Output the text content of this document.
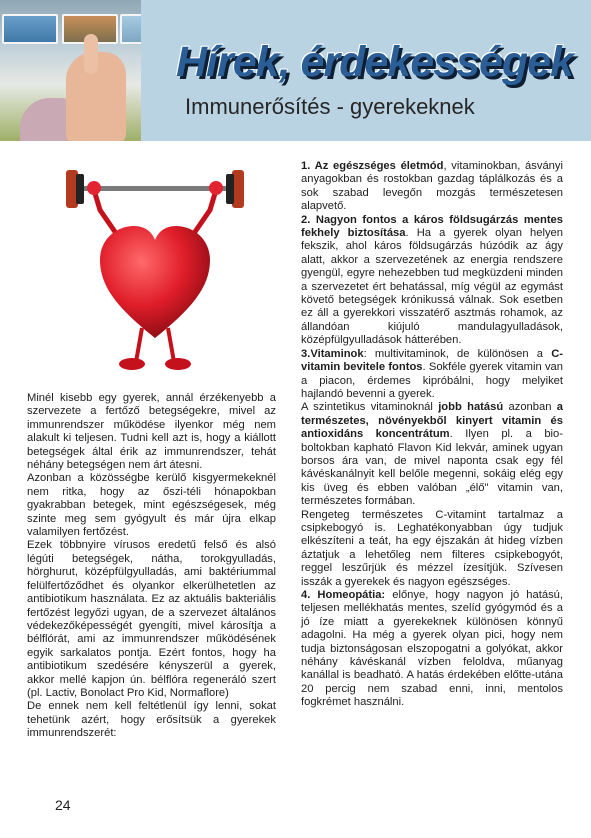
Hírek, érdekességek
Immunerősítés - gyerekeknek

Minél kisebb egy gyerek, annál érzékenyebb a szervezete a fertőző betegségekre, mivel az immunrendszer működése ilyenkor még nem alakult ki teljesen. Tudni kell azt is, hogy a kiállott betegségek által érik az immunrendszer, tehát néhány betegségen nem árt átesni.

Azonban a közösségbe kerülő kisgyermekeknél nem ritka, hogy az őszi-téli hónapokban gyakrabban betegek, mint egészségesek, még szinte meg sem gyógyult és már újra elkap valamilyen fertőzést.

Ezek többnyire vírusos eredetű felső és alsó légúti betegségek, nátha, torokgyulladás, hörghurut, középfülgyulladás, ami baktériummal felülfertőződhet és olyankor elkerülhetetlen az antibiotikum használata. Ez az aktuális bakteriális fertőzést legyőzi ugyan, de a szervezet általános védekezőképességét gyengíti, mivel károsítja a bélflórát, ami az immunrendszer működésének egyik sarkalatos pontja. Ezért fontos, hogy ha antibiotikum szedésére kényszerül a gyerek, akkor mellé kapjon ún. bélflóra regeneráló szert (pl. Lactiv, Bonolact Pro Kid, Normaflore)

De ennek nem kell feltétlenül így lenni, sokat tehetünk azért, hogy erősítsük a gyerekek immunrendszerét:

1. Az egészséges életmód, vitaminokban, ásványi anyagokban és rostokban gazdag táplálkozás és a sok szabad levegőn mozgás természetesen alapvető.

2. Nagyon fontos a káros földsugárzás mentes fekhely biztosítása. Ha a gyerek olyan helyen fekszik, ahol káros földsugárzás húzódik az ágy alatt, akkor a szervezetének az energia rendszere gyengül, egyre nehezebben tud megküzdeni minden a szervezetet ért behatással, míg végül az egymást követő betegségek krónikussá válnak. Sok esetben ez áll a gyerekkori visszatérő asztmás rohamok, az állandóan kiújuló mandulagyulladások, középfülgyulladások hátterében.

3.Vitaminok: multivitaminok, de különösen a C-vitamin bevitele fontos. Sokféle gyerek vitamin van a piacon, érdemes kipróbálni, hogy melyiket hajlandó bevenni a gyerek.

A szintetikus vitaminoknál jobb hatású azonban a természetes, növényekből kinyert vitamin és antioxidáns koncentrátum. Ilyen pl. a bio-boltokban kapható Flavon Kid lekvár, aminek ugyan borsos ára van, de mivel naponta csak egy fél kávéskanálnyit kell belőle megenni, sokáig elég egy kis üveg és ebben valóban „élő" vitamin van, természetes formában.

Rengeteg természetes C-vitamint tartalmaz a csipkebogyó is. Leghatékonyabban úgy tudjuk elkészíteni a teát, ha egy éjszakán át hideg vízben áztatjuk a lehetőleg nem filteres csipkebogyót, reggel leszűrjük és mézzel ízesítjük. Szívesen isszák a gyerekek és nagyon egészséges.

4. Homeopátia: előnye, hogy nagyon jó hatású, teljesen mellékhatás mentes, szelíd gyógymód és a jó íze miatt a gyerekeknek különösen könnyű adagolni. Ha még a gyerek olyan pici, hogy nem tudja biztonságosan elszopogatni a golyókat, akkor néhány kávéskanál vízben feloldva, műanyag kanállal is beadható. A hatás érdekében előtte-utána 20 percig nem szabad enni, inni, mentolos fogkrémet használni.

24
